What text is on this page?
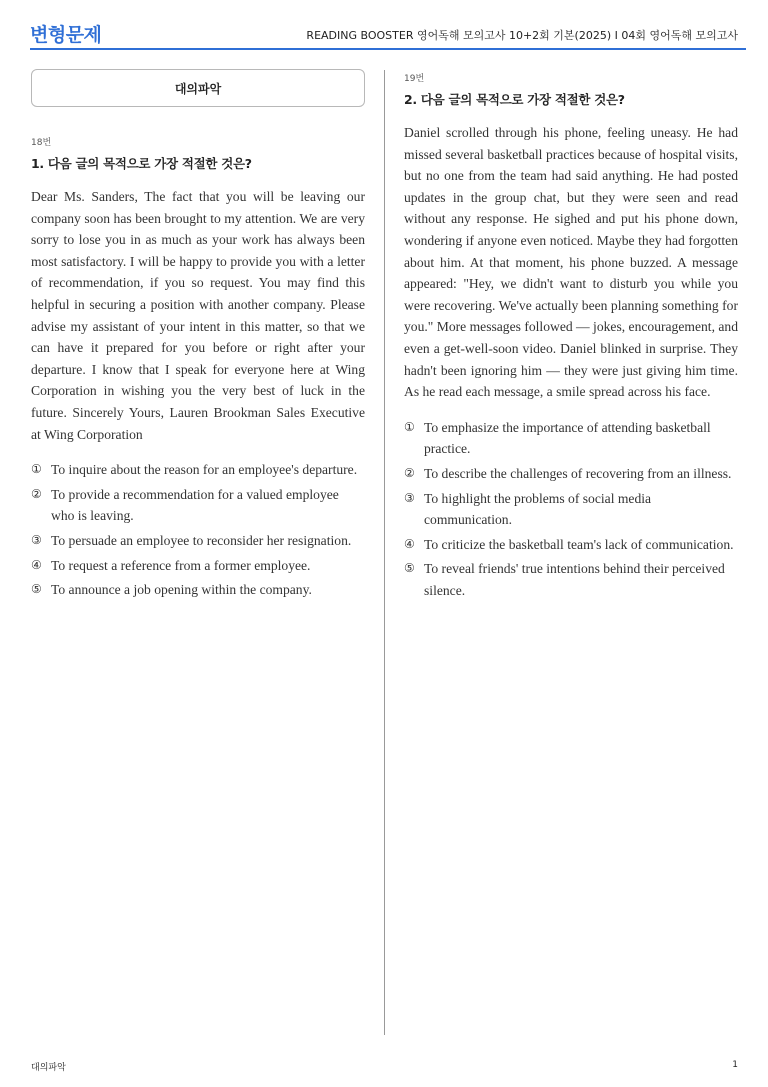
변형문제	READING BOOSTER 영어독해 모의고사 10+2회 기본(2025) Ⅰ 04회 영어독해 모의고사
대의파악
18번
1. 다음 글의 목적으로 가장 적절한 것은?

Dear Ms. Sanders, The fact that you will be leaving our company soon has been brought to my attention. We are very sorry to lose you in as much as your work has always been most satisfactory. I will be happy to provide you with a letter of recommendation, if you so request. You may find this helpful in securing a position with another company. Please advise my assistant of your intent in this matter, so that we can have it prepared for you before or right after your departure. I know that I speak for everyone here at Wing Corporation in wishing you the very best of luck in the future. Sincerely Yours, Lauren Brookman Sales Executive at Wing Corporation

① To inquire about the reason for an employee's departure.
② To provide a recommendation for a valued employee who is leaving.
③ To persuade an employee to reconsider her resignation.
④ To request a reference from a former employee.
⑤ To announce a job opening within the company.
19번
2. 다음 글의 목적으로 가장 적절한 것은?

Daniel scrolled through his phone, feeling uneasy. He had missed several basketball practices because of hospital visits, but no one from the team had said anything. He had posted updates in the group chat, but they were seen and read without any response. He sighed and put his phone down, wondering if anyone even noticed. Maybe they had forgotten about him. At that moment, his phone buzzed. A message appeared: "Hey, we didn't want to disturb you while you were recovering. We've actually been planning something for you." More messages followed — jokes, encouragement, and even a get-well-soon video. Daniel blinked in surprise. They hadn't been ignoring him — they were just giving him time. As he read each message, a smile spread across his face.

① To emphasize the importance of attending basketball practice.
② To describe the challenges of recovering from an illness.
③ To highlight the problems of social media communication.
④ To criticize the basketball team's lack of communication.
⑤ To reveal friends' true intentions behind their perceived silence.
대의파악	1
